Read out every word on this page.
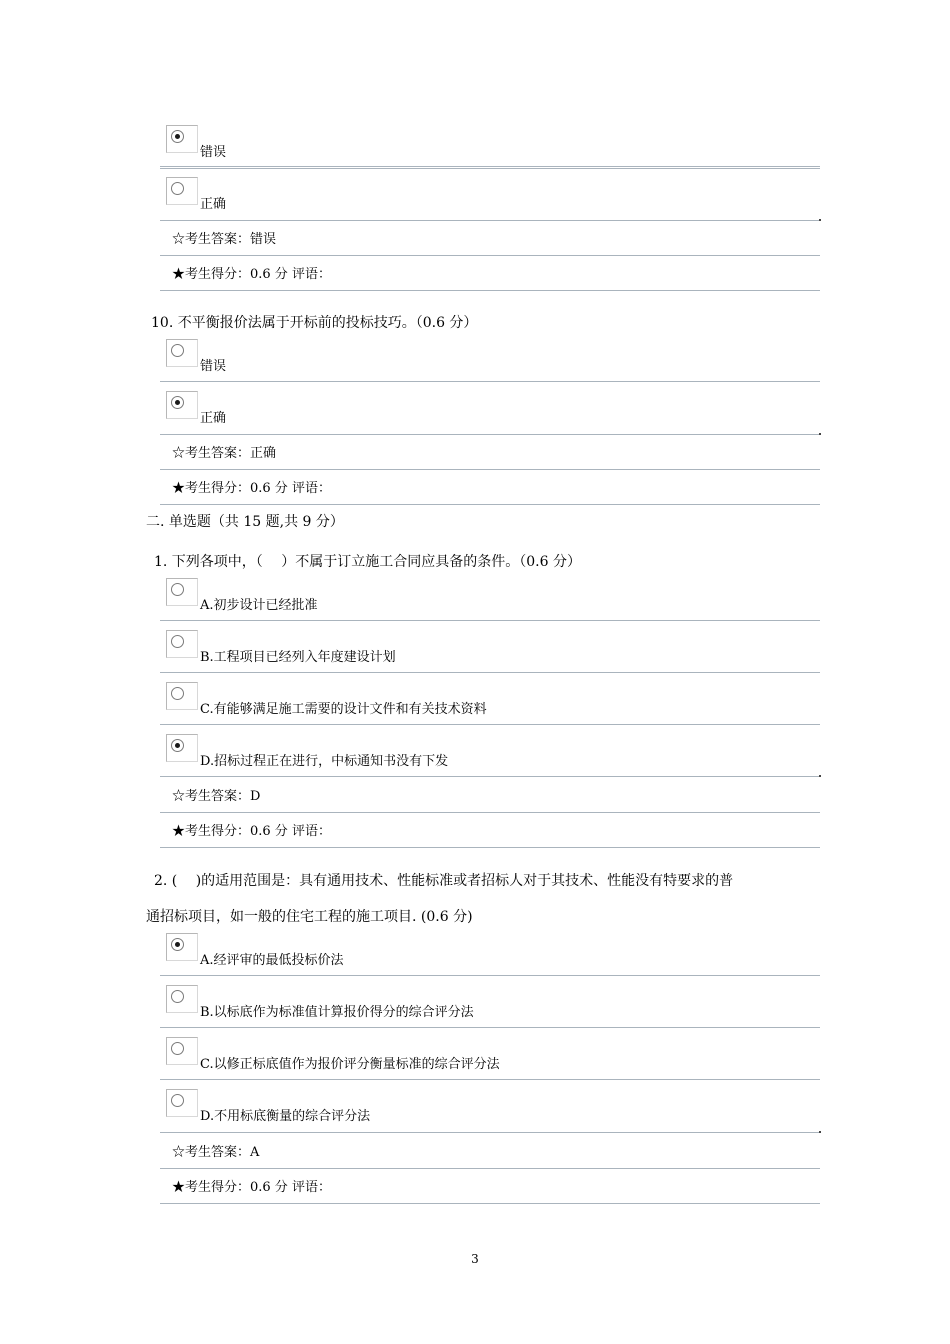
错误
正确
☆考生答案：错误
★考生得分：0.6 分 评语：
10. 不平衡报价法属于开标前的投标技巧。（0.6 分）
错误
正确
☆考生答案：正确
★考生得分：0.6 分 评语：
二. 单选题（共 15 题,共 9 分）
1. 下列各项中，（　 ）不属于订立施工合同应具备的条件。（0.6 分）
A.初步设计已经批准
B.工程项目已经列入年度建设计划
C.有能够满足施工需要的设计文件和有关技术资料
D.招标过程正在进行，中标通知书没有下发
☆考生答案：D
★考生得分：0.6 分 评语：
2. (　 )的适用范围是：具有通用技术、性能标准或者招标人对于其技术、性能没有特要求的普
通招标项目，如一般的住宅工程的施工项目. (0.6 分)
A.经评审的最低投标价法
B.以标底作为标准值计算报价得分的综合评分法
C.以修正标底值作为报价评分衡量标准的综合评分法
D.不用标底衡量的综合评分法
☆考生答案：A
★考生得分：0.6 分 评语：
3
